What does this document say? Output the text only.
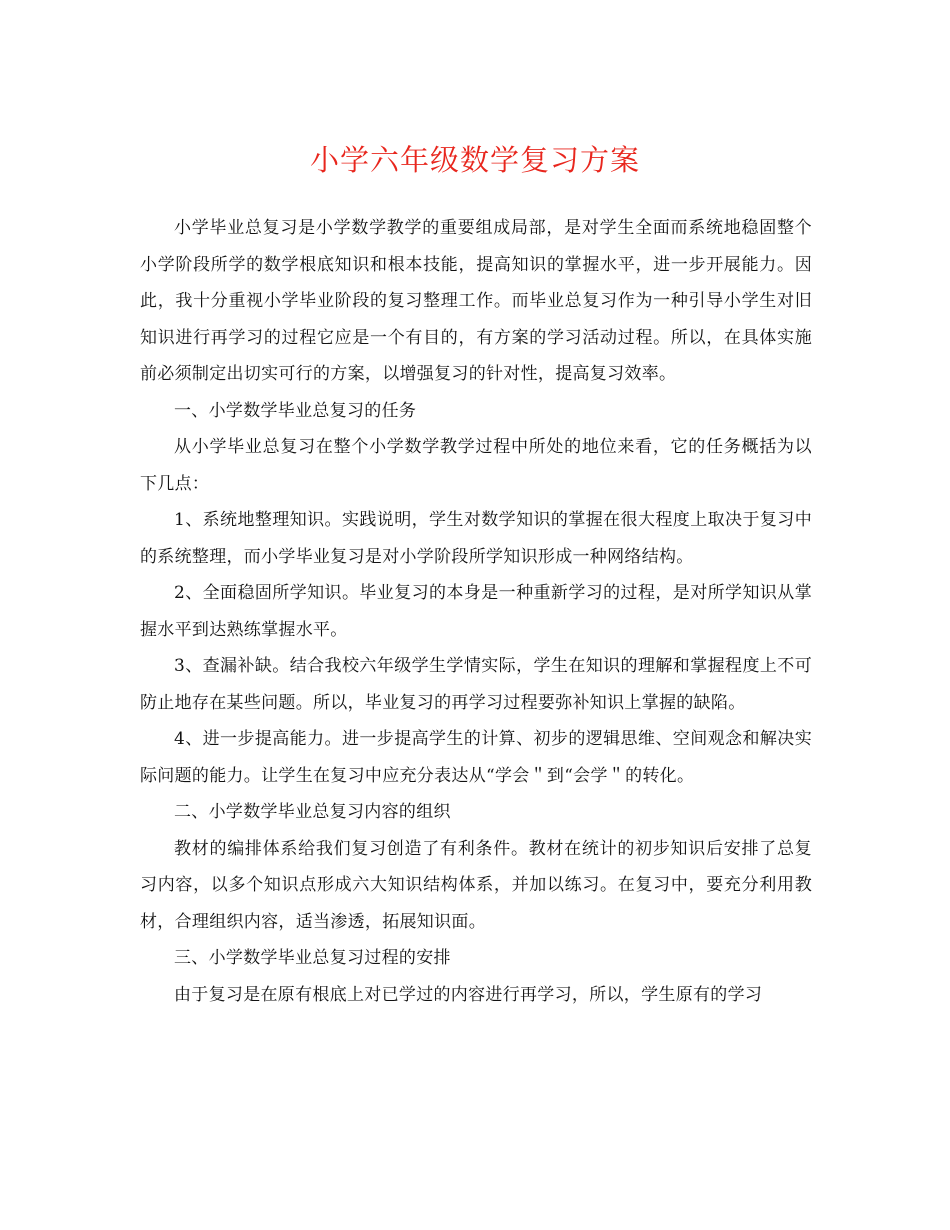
小学六年级数学复习方案

小学毕业总复习是小学数学教学的重要组成局部，是对学生全面而系统地稳固整个小学阶段所学的数学根底知识和根本技能，提高知识的掌握水平，进一步开展能力。因此，我十分重视小学毕业阶段的复习整理工作。而毕业总复习作为一种引导小学生对旧知识进行再学习的过程它应是一个有目的，有方案的学习活动过程。所以，在具体实施前必须制定出切实可行的方案，以增强复习的针对性，提高复习效率。

一、小学数学毕业总复习的任务

从小学毕业总复习在整个小学数学教学过程中所处的地位来看，它的任务概括为以下几点：

1、系统地整理知识。实践说明，学生对数学知识的掌握在很大程度上取决于复习中的系统整理，而小学毕业复习是对小学阶段所学知识形成一种网络结构。

2、全面稳固所学知识。毕业复习的本身是一种重新学习的过程，是对所学知识从掌握水平到达熟练掌握水平。

3、查漏补缺。结合我校六年级学生学情实际，学生在知识的理解和掌握程度上不可防止地存在某些问题。所以，毕业复习的再学习过程要弥补知识上掌握的缺陷。

4、进一步提高能力。进一步提高学生的计算、初步的逻辑思维、空间观念和解决实际问题的能力。让学生在复习中应充分表达从“学会＂到“会学＂的转化。

二、小学数学毕业总复习内容的组织

教材的编排体系给我们复习创造了有利条件。教材在统计的初步知识后安排了总复习内容，以多个知识点形成六大知识结构体系，并加以练习。在复习中，要充分利用教材，合理组织内容，适当渗透，拓展知识面。

三、小学数学毕业总复习过程的安排

由于复习是在原有根底上对已学过的内容进行再学习，所以，学生原有的学习
